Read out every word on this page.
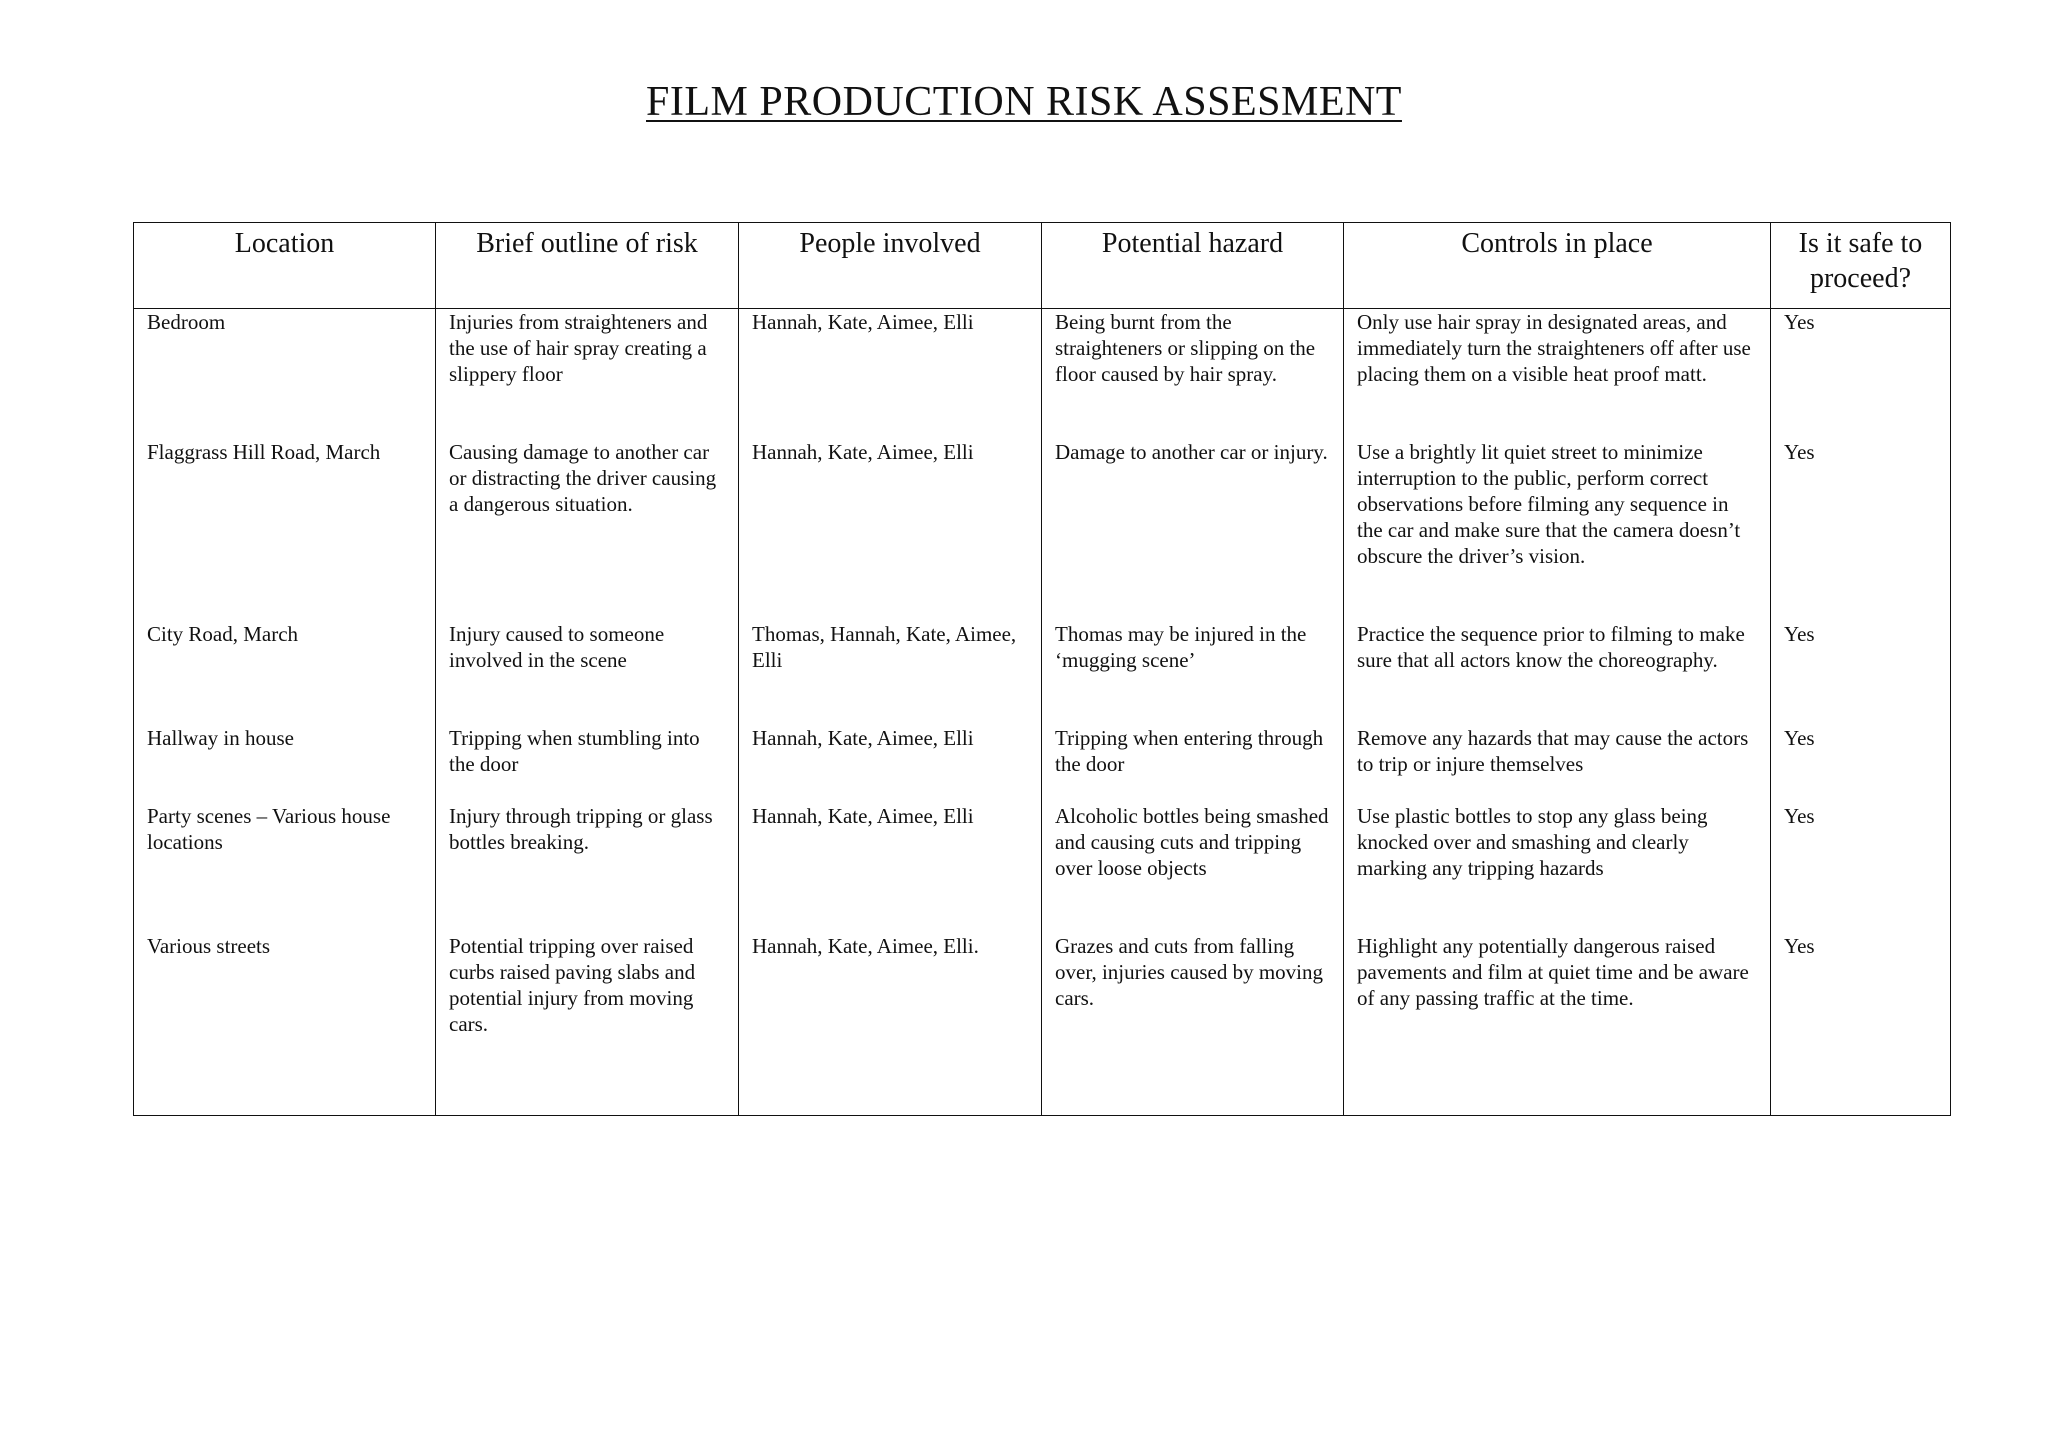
FILM PRODUCTION RISK ASSESMENT
Location	Brief outline of risk	People involved	Potential hazard	Controls in place	Is it safe to proceed?
Bedroom	Injuries from straighteners and the use of hair spray creating a slippery floor	Hannah, Kate, Aimee, Elli	Being burnt from the straighteners or slipping on the floor caused by hair spray.	Only use hair spray in designated areas, and immediately turn the straighteners off after use placing them on a visible heat proof matt.	Yes
Flaggrass Hill Road, March	Causing damage to another car or distracting the driver causing a dangerous situation.	Hannah, Kate, Aimee, Elli	Damage to another car or injury.	Use a brightly lit quiet street to minimize interruption to the public, perform correct observations before filming any sequence in the car and make sure that the camera doesn’t obscure the driver’s vision.	Yes
City Road, March	Injury caused to someone involved in the scene	Thomas, Hannah, Kate, Aimee, Elli	Thomas may be injured in the ‘mugging scene’	Practice the sequence prior to filming to make sure that all actors know the choreography.	Yes
Hallway in house	Tripping when stumbling into the door	Hannah, Kate, Aimee, Elli	Tripping when entering through the door	Remove any hazards that may cause the actors to trip or injure themselves	Yes
Party scenes – Various house locations	Injury through tripping or glass bottles breaking.	Hannah, Kate, Aimee, Elli	Alcoholic bottles being smashed and causing cuts and tripping over loose objects	Use plastic bottles to stop any glass being knocked over and smashing and clearly marking any tripping hazards	Yes
Various streets	Potential tripping over raised curbs raised paving slabs and potential injury from moving cars.	Hannah, Kate, Aimee, Elli.	Grazes and cuts from falling over, injuries caused by moving cars.	Highlight any potentially dangerous raised pavements and film at quiet time and be aware of any passing traffic at the time.	Yes
